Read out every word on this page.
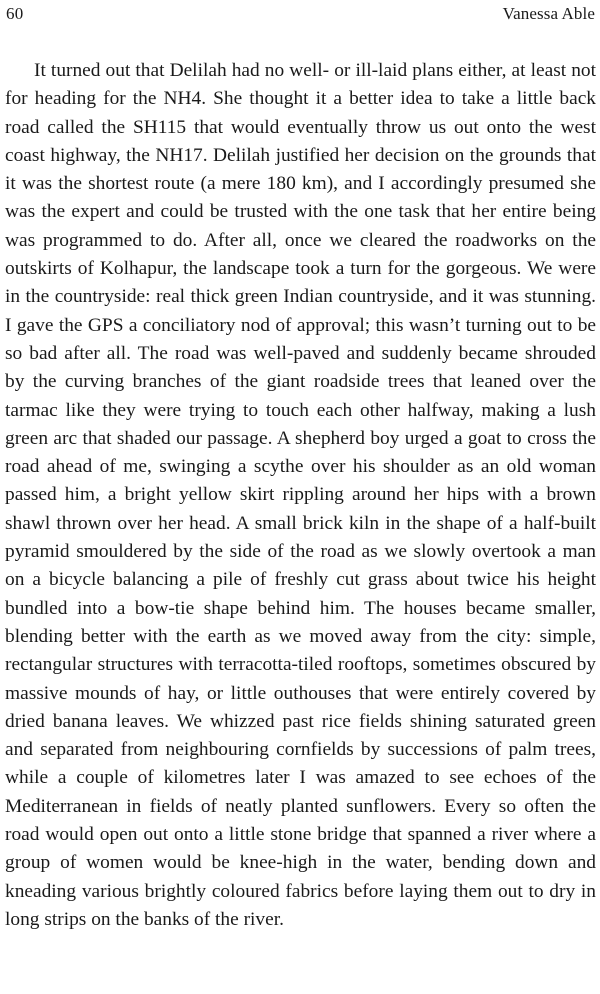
60	Vanessa Able

It turned out that Delilah had no well- or ill-laid plans either, at least not for heading for the NH4. She thought it a better idea to take a little back road called the SH115 that would eventually throw us out onto the west coast highway, the NH17. Delilah justified her decision on the grounds that it was the shortest route (a mere 180 km), and I accordingly presumed she was the expert and could be trusted with the one task that her entire being was programmed to do. After all, once we cleared the roadworks on the outskirts of Kolhapur, the landscape took a turn for the gorgeous. We were in the countryside: real thick green Indian countryside, and it was stunning. I gave the GPS a conciliatory nod of approval; this wasn’t turning out to be so bad after all. The road was well-paved and suddenly became shrouded by the curving branches of the giant roadside trees that leaned over the tarmac like they were trying to touch each other halfway, making a lush green arc that shaded our passage. A shepherd boy urged a goat to cross the road ahead of me, swinging a scythe over his shoulder as an old woman passed him, a bright yellow skirt rippling around her hips with a brown shawl thrown over her head. A small brick kiln in the shape of a half-built pyramid smouldered by the side of the road as we slowly overtook a man on a bicycle balancing a pile of freshly cut grass about twice his height bundled into a bow-tie shape behind him. The houses became smaller, blending better with the earth as we moved away from the city: simple, rectangular structures with terracotta-tiled rooftops, sometimes obscured by massive mounds of hay, or little outhouses that were entirely covered by dried banana leaves. We whizzed past rice fields shining saturated green and separated from neighbouring cornfields by successions of palm trees, while a couple of kilometres later I was amazed to see echoes of the Mediterranean in fields of neatly planted sunflowers. Every so often the road would open out onto a little stone bridge that spanned a river where a group of women would be knee-high in the water, bending down and kneading various brightly coloured fabrics before laying them out to dry in long strips on the banks of the river.
